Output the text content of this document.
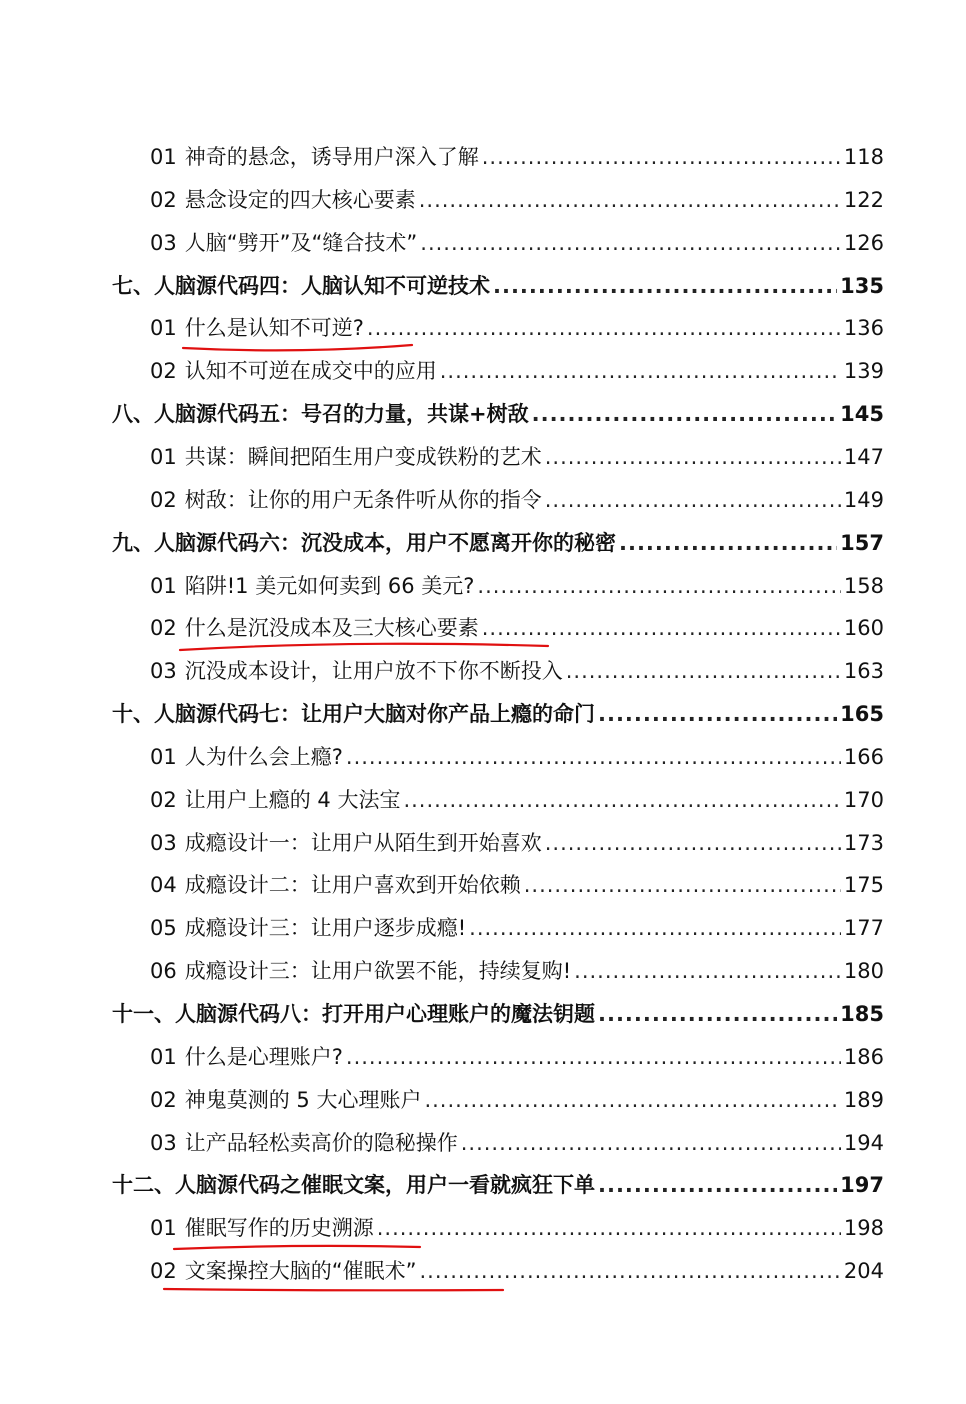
01 神奇的悬念，诱导用户深入了解 .....	118
02 悬念设定的四大核心要素 .....	122
03 人脑“劈开”及“缝合技术” .....	126
七、人脑源代码四：人脑认知不可逆技术 .....	135
01 什么是认知不可逆? .....	136
02 认知不可逆在成交中的应用 .....	139
八、人脑源代码五：号召的力量，共谋+树敌 .....	145
01 共谋：瞬间把陌生用户变成铁粉的艺术 .....	147
02 树敌：让你的用户无条件听从你的指令 .....	149
九、人脑源代码六：沉没成本，用户不愿离开你的秘密 .....	157
01 陷阱!1 美元如何卖到 66 美元? .....	158
02 什么是沉没成本及三大核心要素 .....	160
03 沉没成本设计，让用户放不下你不断投入 .....	163
十、人脑源代码七：让用户大脑对你产品上瘾的命门 .....	165
01 人为什么会上瘾? .....	166
02 让用户上瘾的 4 大法宝 .....	170
03 成瘾设计一：让用户从陌生到开始喜欢 .....	173
04 成瘾设计二：让用户喜欢到开始依赖 .....	175
05 成瘾设计三：让用户逐步成瘾! .....	177
06 成瘾设计三：让用户欲罢不能，持续复购! .....	180
十一、人脑源代码八：打开用户心理账户的魔法钥题 .....	185
01 什么是心理账户? .....	186
02 神鬼莫测的 5 大心理账户 .....	189
03 让产品轻松卖高价的隐秘操作 .....	194
十二、人脑源代码之催眠文案，用户一看就疯狂下单 .....	197
01 催眠写作的历史溯源 .....	198
02 文案操控大脑的“催眠术” .....	204
